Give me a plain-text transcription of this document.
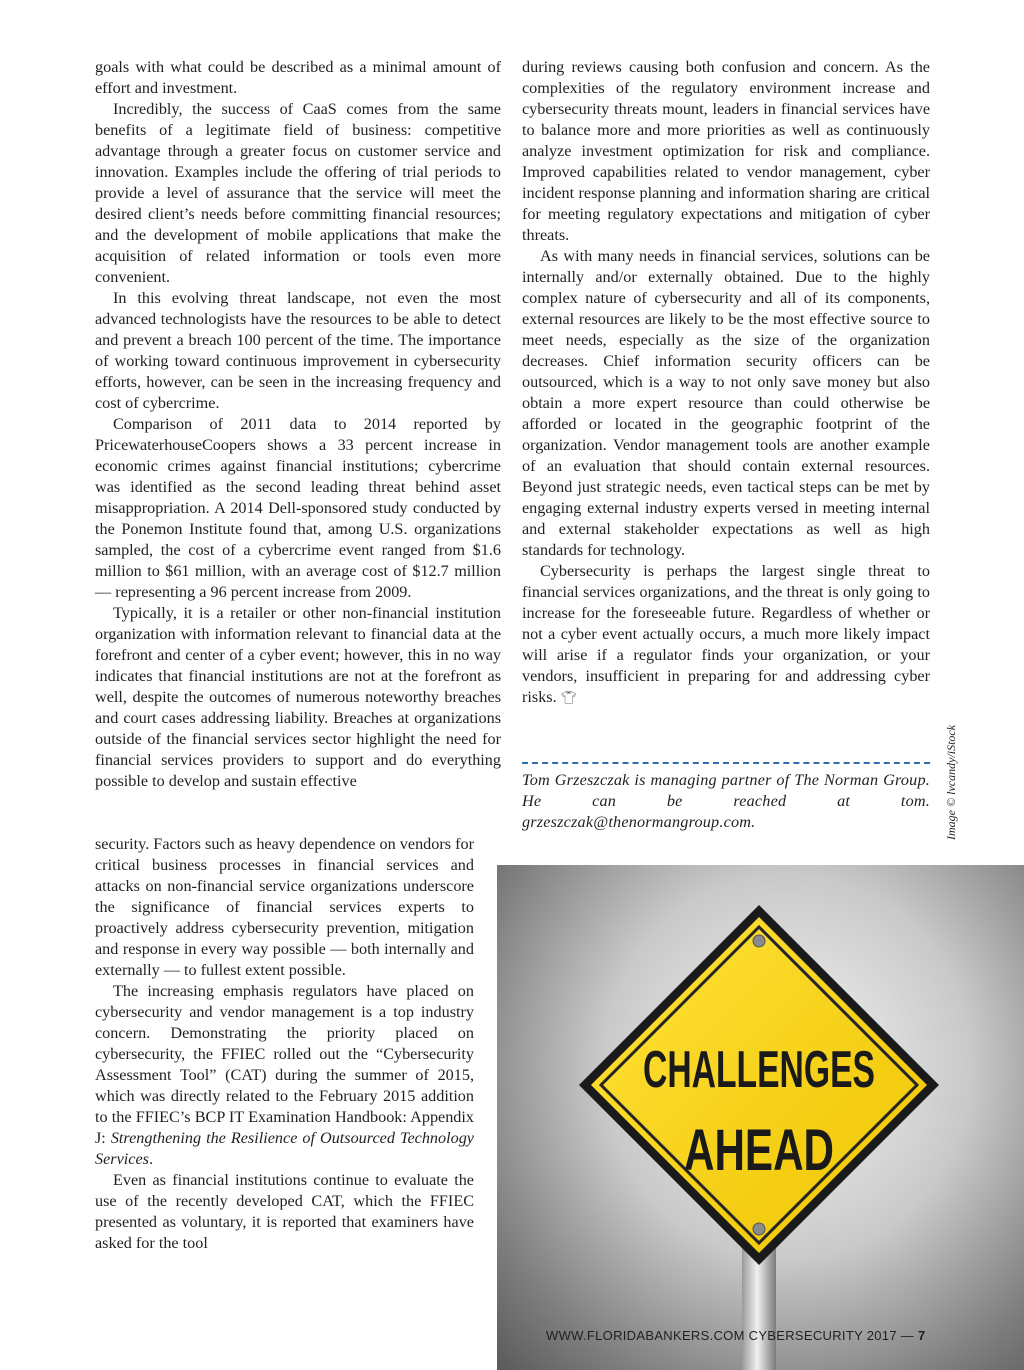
goals with what could be described as a minimal amount of effort and investment.

Incredibly, the success of CaaS comes from the same benefits of a legitimate field of business: competitive advantage through a greater focus on customer service and innovation. Examples include the offering of trial periods to provide a level of assurance that the service will meet the desired client’s needs before committing financial resources; and the development of mobile applications that make the acquisition of related information or tools even more convenient.

In this evolving threat landscape, not even the most advanced technologists have the resources to be able to detect and prevent a breach 100 percent of the time. The importance of working toward continuous improvement in cybersecurity efforts, however, can be seen in the increasing frequency and cost of cybercrime.

Comparison of 2011 data to 2014 reported by PricewaterhouseCoopers shows a 33 percent increase in economic crimes against financial institutions; cybercrime was identified as the second leading threat behind asset misappropriation. A 2014 Dell-sponsored study conducted by the Ponemon Institute found that, among U.S. organizations sampled, the cost of a cybercrime event ranged from $1.6 million to $61 million, with an average cost of $12.7 million — representing a 96 percent increase from 2009.

Typically, it is a retailer or other non-financial institution organization with information relevant to financial data at the forefront and center of a cyber event; however, this in no way indicates that financial institutions are not at the forefront as well, despite the outcomes of numerous noteworthy breaches and court cases addressing liability. Breaches at organizations outside of the financial services sector highlight the need for financial services providers to support and do everything possible to develop and sustain effective

security. Factors such as heavy dependence on vendors for critical business processes in financial services and attacks on non-financial service organizations underscore the significance of financial services experts to proactively address cybersecurity prevention, mitigation and response in every way possible — both internally and externally — to fullest extent possible.

The increasing emphasis regulators have placed on cybersecurity and vendor management is a top industry concern. Demonstrating the priority placed on cybersecurity, the FFIEC rolled out the “Cybersecurity Assessment Tool” (CAT) during the summer of 2015, which was directly related to the February 2015 addition to the FFIEC’s BCP IT Examination Handbook: Appendix J: Strengthening the Resilience of Outsourced Technology Services.

Even as financial institutions continue to evaluate the use of the recently developed CAT, which the FFIEC presented as voluntary, it is reported that examiners have asked for the tool

during reviews causing both confusion and concern. As the complexities of the regulatory environment increase and cybersecurity threats mount, leaders in financial services have to balance more and more priorities as well as continuously analyze investment optimization for risk and compliance. Improved capabilities related to vendor management, cyber incident response planning and information sharing are critical for meeting regulatory expectations and mitigation of cyber threats.

As with many needs in financial services, solutions can be internally and/or externally obtained. Due to the highly complex nature of cybersecurity and all of its components, external resources are likely to be the most effective source to meet needs, especially as the size of the organization decreases. Chief information security officers can be outsourced, which is a way to not only save money but also obtain a more expert resource than could otherwise be afforded or located in the geographic footprint of the organization. Vendor management tools are another example of an evaluation that should contain external resources. Beyond just strategic needs, even tactical steps can be met by engaging external industry experts versed in meeting internal and external stakeholder expectations as well as high standards for technology.

Cybersecurity is perhaps the largest single threat to financial services organizations, and the threat is only going to increase for the foreseeable future. Regardless of whether or not a cyber event actually occurs, a much more likely impact will arise if a regulator finds your organization, or your vendors, insufficient in preparing for and addressing cyber risks. 👕︎

Tom Grzeszczak is managing partner of The Norman Group. He can be reached at tom. grzeszczak@thenormangroup.com.	Image © lvcandy/iStock
CHALLENGES
AHEAD
WWW.FLORIDABANKERS.COM CYBERSECURITY 2017 — 7
